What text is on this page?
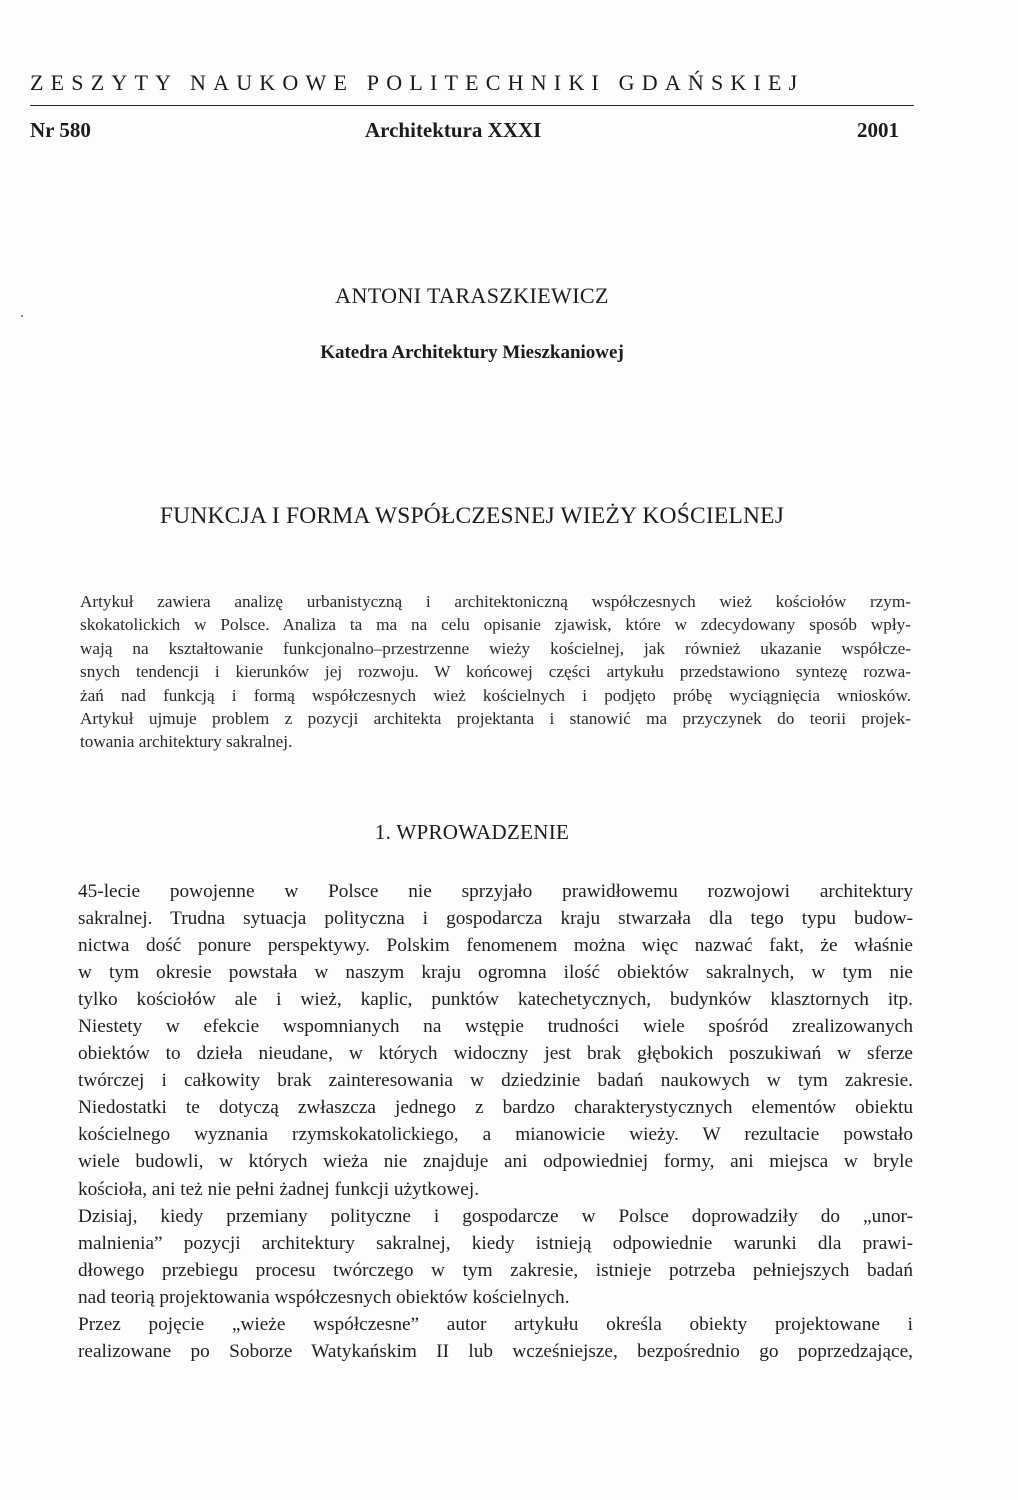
ZESZYTY NAUKOWE POLITECHNIKI GDAŃSKIEJ
Nr 580	Architektura XXXI	2001
ANTONI TARASZKIEWICZ
Katedra Architektury Mieszkaniowej
FUNKCJA I FORMA WSPÓŁCZESNEJ WIEŻY KOŚCIELNEJ
Artykuł zawiera analizę urbanistyczną i architektoniczną współczesnych wież kościołów rzym-
skokatolickich w Polsce. Analiza ta ma na celu opisanie zjawisk, które w zdecydowany sposób wpły-
wają na kształtowanie funkcjonalno–przestrzenne wieży kościelnej, jak również ukazanie współcze-
snych tendencji i kierunków jej rozwoju. W końcowej części artykułu przedstawiono syntezę rozwa-
żań nad funkcją i formą współczesnych wież kościelnych i podjęto próbę wyciągnięcia wniosków.
Artykuł ujmuje problem z pozycji architekta projektanta i stanowić ma przyczynek do teorii projek-
towania architektury sakralnej.
1. WPROWADZENIE
45-lecie powojenne w Polsce nie sprzyjało prawidłowemu rozwojowi architektury
sakralnej. Trudna sytuacja polityczna i gospodarcza kraju stwarzała dla tego typu budow-
nictwa dość ponure perspektywy. Polskim fenomenem można więc nazwać fakt, że właśnie
w tym okresie powstała w naszym kraju ogromna ilość obiektów sakralnych, w tym nie
tylko kościołów ale i wież, kaplic, punktów katechetycznych, budynków klasztornych itp.
Niestety w efekcie wspomnianych na wstępie trudności wiele spośród zrealizowanych
obiektów to dzieła nieudane, w których widoczny jest brak głębokich poszukiwań w sferze
twórczej i całkowity brak zainteresowania w dziedzinie badań naukowych w tym zakresie.
Niedostatki te dotyczą zwłaszcza jednego z bardzo charakterystycznych elementów obiektu
kościelnego wyznania rzymskokatolickiego, a mianowicie wieży. W rezultacie powstało
wiele budowli, w których wieża nie znajduje ani odpowiedniej formy, ani miejsca w bryle
kościoła, ani też nie pełni żadnej funkcji użytkowej.
Dzisiaj, kiedy przemiany polityczne i gospodarcze w Polsce doprowadziły do „unor-
malnienia” pozycji architektury sakralnej, kiedy istnieją odpowiednie warunki dla prawi-
dłowego przebiegu procesu twórczego w tym zakresie, istnieje potrzeba pełniejszych badań
nad teorią projektowania współczesnych obiektów kościelnych.
Przez pojęcie „wieże współczesne” autor artykułu określa obiekty projektowane i
realizowane po Soborze Watykańskim II lub wcześniejsze, bezpośrednio go poprzedzające,
